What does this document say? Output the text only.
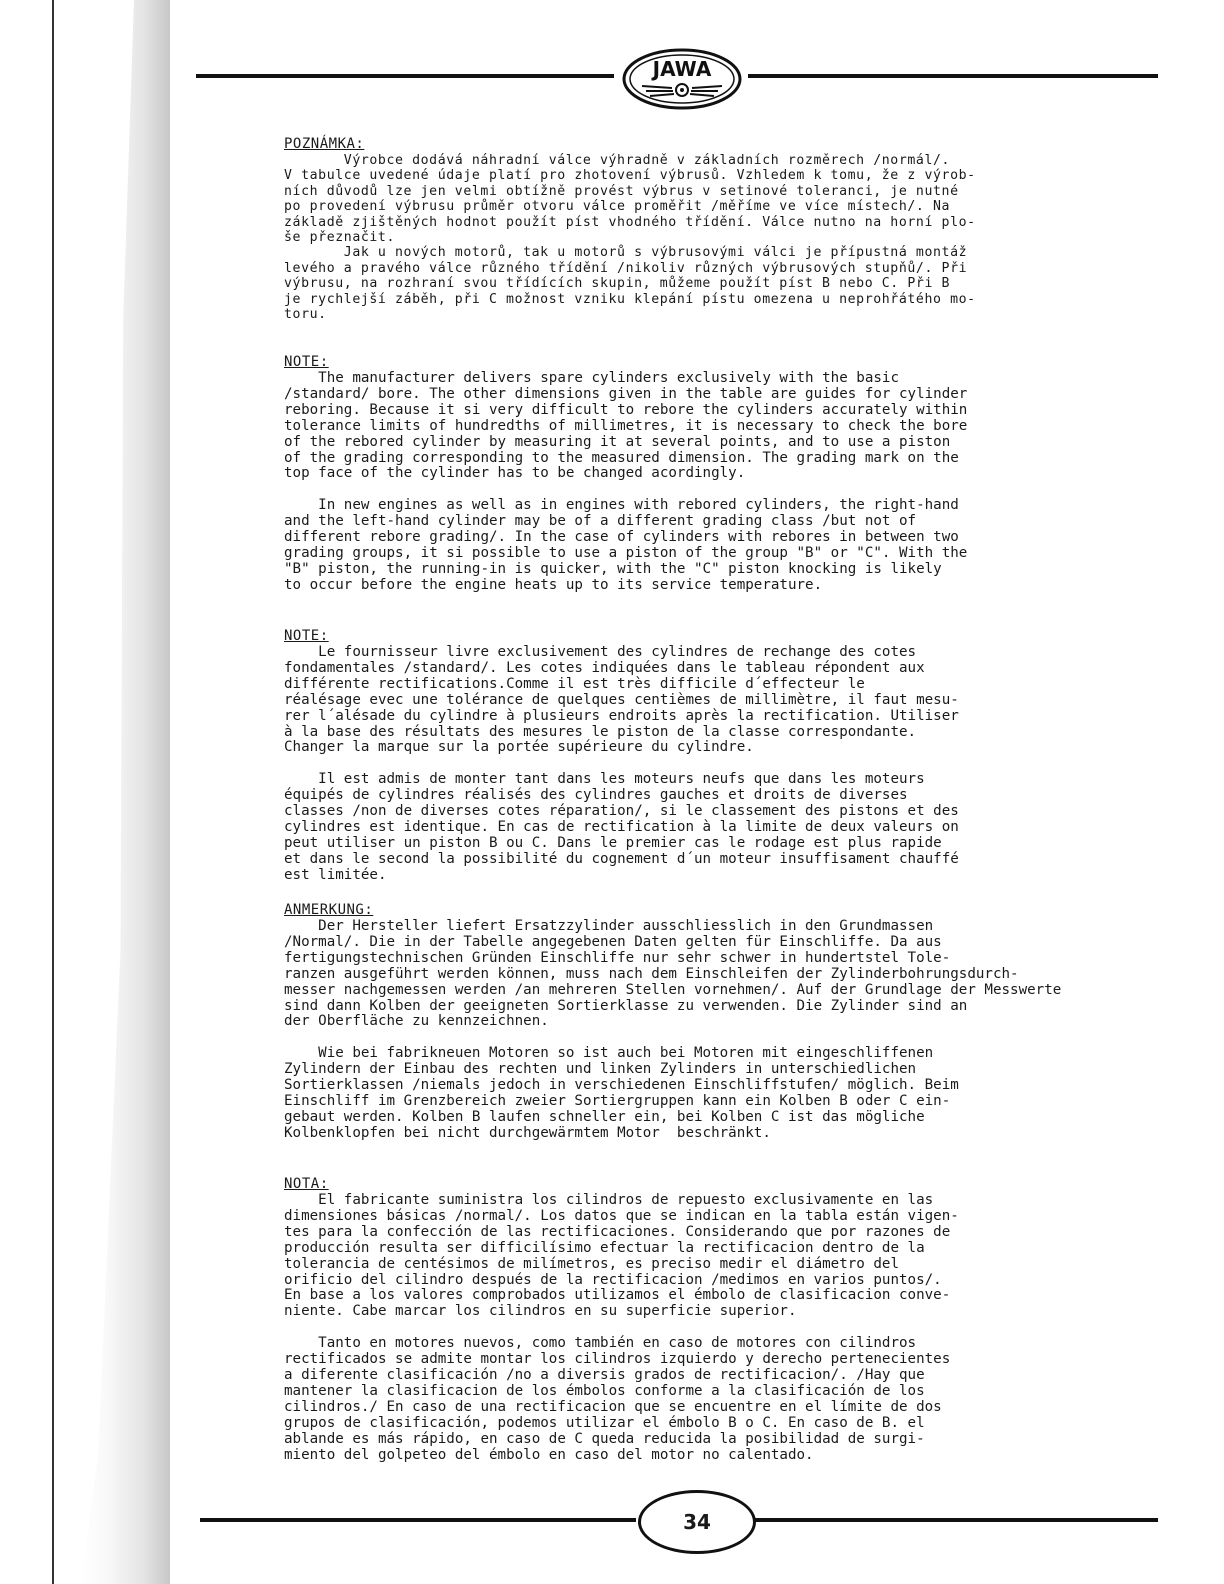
JAWA
POZNÁMKA:

Výrobce dodává náhradní válce výhradně v základních rozměrech /normál/.
V tabulce uvedené údaje platí pro zhotovení výbrusů. Vzhledem k tomu, že z výrob-
ních důvodů lze jen velmi obtížně provést výbrus v setinové toleranci, je nutné
po provedení výbrusu průměr otvoru válce proměřit /měříme ve více místech/. Na
základě zjištěných hodnot použít píst vhodného třídění. Válce nutno na horní plo-
še přeznačit.

Jak u nových motorů, tak u motorů s výbrusovými válci je přípustná montáž
levého a pravého válce různého třídění /nikoliv různých výbrusových stupňů/. Při
výbrusu, na rozhraní svou třídících skupin, můžeme použít píst B nebo C. Při B
je rychlejší záběh, při C možnost vzniku klepání pístu omezena u neprohřátého mo-
toru.

NOTE:

The manufacturer delivers spare cylinders exclusively with the basic
/standard/ bore. The other dimensions given in the table are guides for cylinder
reboring. Because it si very difficult to rebore the cylinders accurately within
tolerance limits of hundredths of millimetres, it is necessary to check the bore
of the rebored cylinder by measuring it at several points, and to use a piston
of the grading corresponding to the measured dimension. The grading mark on the
top face of the cylinder has to be changed acordingly.

In new engines as well as in engines with rebored cylinders, the right-hand
and the left-hand cylinder may be of a different grading class /but not of
different rebore grading/. In the case of cylinders with rebores in between two
grading groups, it si possible to use a piston of the group "B" or "C". With the
"B" piston, the running-in is quicker, with the "C" piston knocking is likely
to occur before the engine heats up to its service temperature.

NOTE:

Le fournisseur livre exclusivement des cylindres de rechange des cotes
fondamentales /standard/. Les cotes indiquées dans le tableau répondent aux
différente rectifications.Comme il est très difficile d´effecteur le
réalésage evec une tolérance de quelques centièmes de millimètre, il faut mesu-
rer l´alésade du cylindre à plusieurs endroits après la rectification. Utiliser
à la base des résultats des mesures le piston de la classe correspondante.
Changer la marque sur la portée supérieure du cylindre.

Il est admis de monter tant dans les moteurs neufs que dans les moteurs
équipés de cylindres réalisés des cylindres gauches et droits de diverses
classes /non de diverses cotes réparation/, si le classement des pistons et des
cylindres est identique. En cas de rectification à la limite de deux valeurs on
peut utiliser un piston B ou C. Dans le premier cas le rodage est plus rapide
et dans le second la possibilité du cognement d´un moteur insuffisament chauffé
est limitée.

ANMERKUNG:

Der Hersteller liefert Ersatzzylinder ausschliesslich in den Grundmassen
/Normal/. Die in der Tabelle angegebenen Daten gelten für Einschliffe. Da aus
fertigungstechnischen Gründen Einschliffe nur sehr schwer in hundertstel Tole-
ranzen ausgeführt werden können, muss nach dem Einschleifen der Zylinderbohrungsdurch-
messer nachgemessen werden /an mehreren Stellen vornehmen/. Auf der Grundlage der Messwerte
sind dann Kolben der geeigneten Sortierklasse zu verwenden. Die Zylinder sind an
der Oberfläche zu kennzeichnen.

Wie bei fabrikneuen Motoren so ist auch bei Motoren mit eingeschliffenen
Zylindern der Einbau des rechten und linken Zylinders in unterschiedlichen
Sortierklassen /niemals jedoch in verschiedenen Einschliffstufen/ möglich. Beim
Einschliff im Grenzbereich zweier Sortiergruppen kann ein Kolben B oder C ein-
gebaut werden. Kolben B laufen schneller ein, bei Kolben C ist das mögliche
Kolbenklopfen bei nicht durchgewärmtem Motor  beschränkt.

NOTA:

El fabricante suministra los cilindros de repuesto exclusivamente en las
dimensiones básicas /normal/. Los datos que se indican en la tabla están vigen-
tes para la confección de las rectificaciones. Considerando que por razones de
producción resulta ser difficilísimo efectuar la rectificacion dentro de la
tolerancia de centésimos de milímetros, es preciso medir el diámetro del
orificio del cilindro después de la rectificacion /medimos en varios puntos/.
En base a los valores comprobados utilizamos el émbolo de clasificacion conve-
niente. Cabe marcar los cilindros en su superficie superior.

Tanto en motores nuevos, como también en caso de motores con cilindros
rectificados se admite montar los cilindros izquierdo y derecho pertenecientes
a diferente clasificación /no a diversis grados de rectificacion/. /Hay que
mantener la clasificacion de los émbolos conforme a la clasificación de los
cilindros./ En caso de una rectificacion que se encuentre en el límite de dos
grupos de clasificación, podemos utilizar el émbolo B o C. En caso de B. el
ablande es más rápido, en caso de C queda reducida la posibilidad de surgi-
miento del golpeteo del émbolo en caso del motor no calentado.

34
